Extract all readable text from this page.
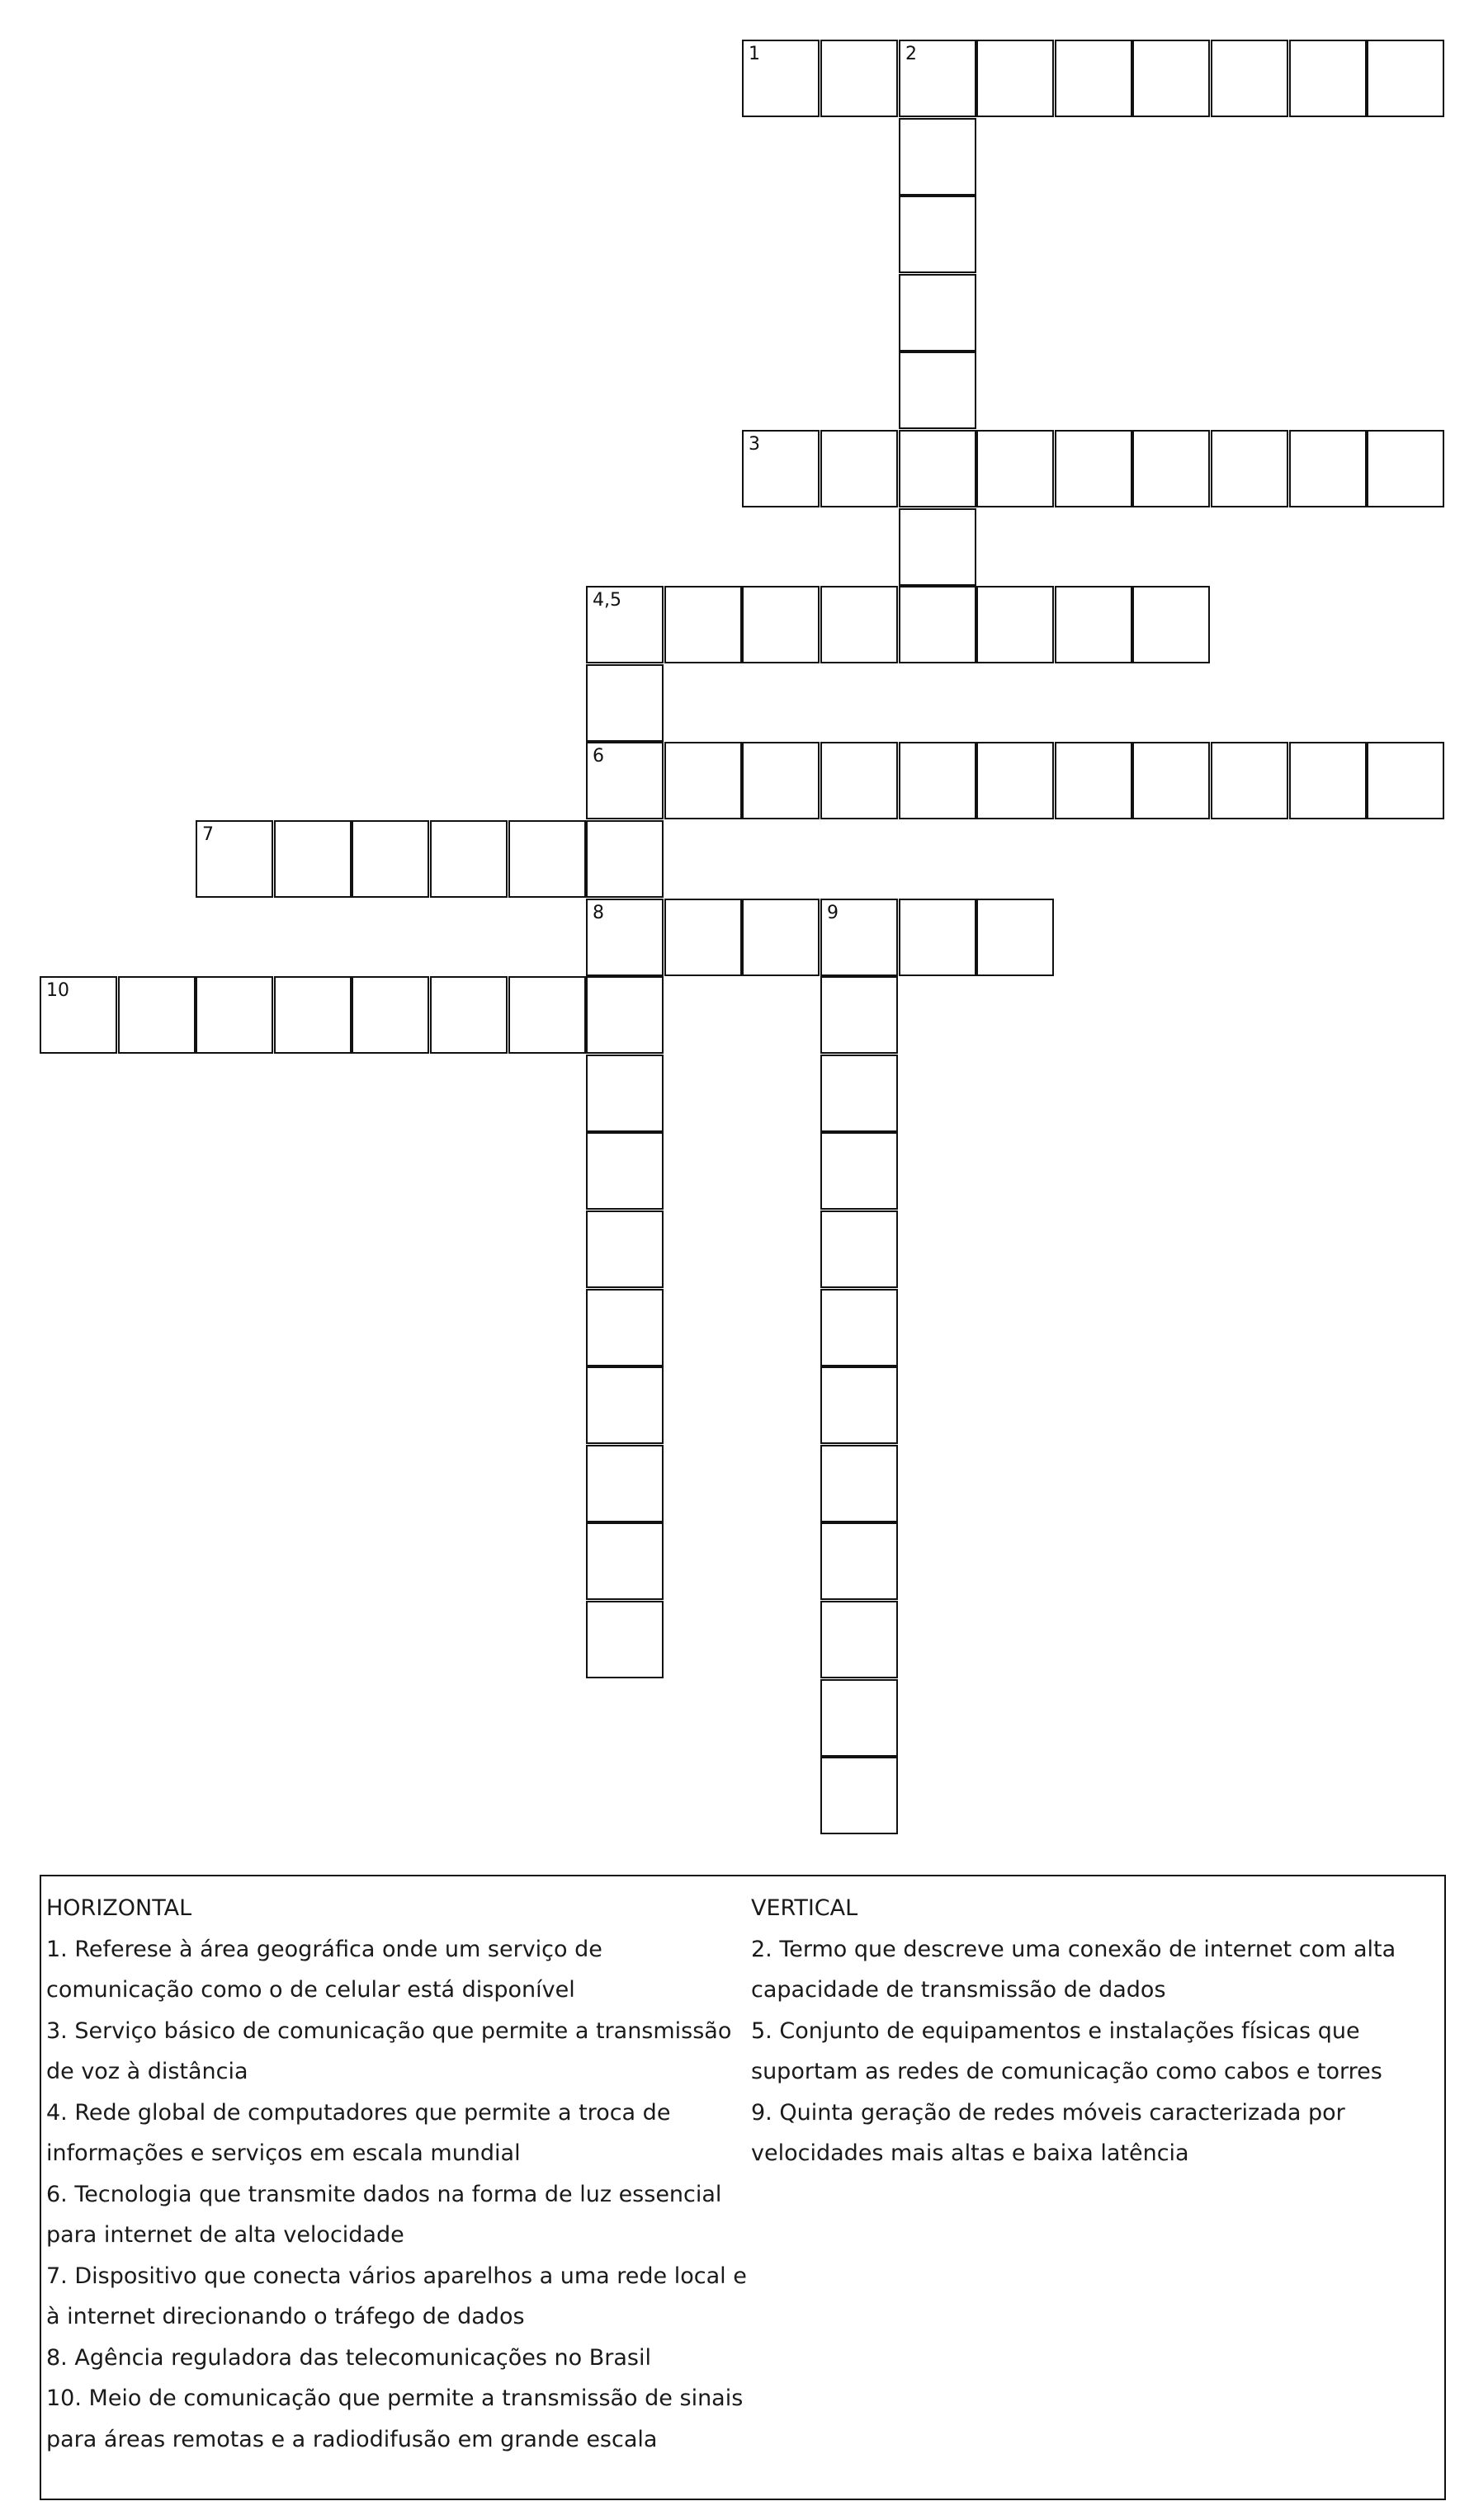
1	2
3
4,5
6
7
8	9
10
HORIZONTAL
1. Referese à área geográfica onde um serviço de comunicação como o de celular está disponível
3. Serviço básico de comunicação que permite a transmissão de voz à distância
4. Rede global de computadores que permite a troca de informações e serviços em escala mundial
6. Tecnologia que transmite dados na forma de luz essencial para internet de alta velocidade
7. Dispositivo que conecta vários aparelhos a uma rede local e à internet direcionando o tráfego de dados
8. Agência reguladora das telecomunicações no Brasil
10. Meio de comunicação que permite a transmissão de sinais para áreas remotas e a radiodifusão em grande escala
VERTICAL
2. Termo que descreve uma conexão de internet com alta capacidade de transmissão de dados
5. Conjunto de equipamentos e instalações físicas que suportam as redes de comunicação como cabos e torres
9. Quinta geração de redes móveis caracterizada por velocidades mais altas e baixa latência
